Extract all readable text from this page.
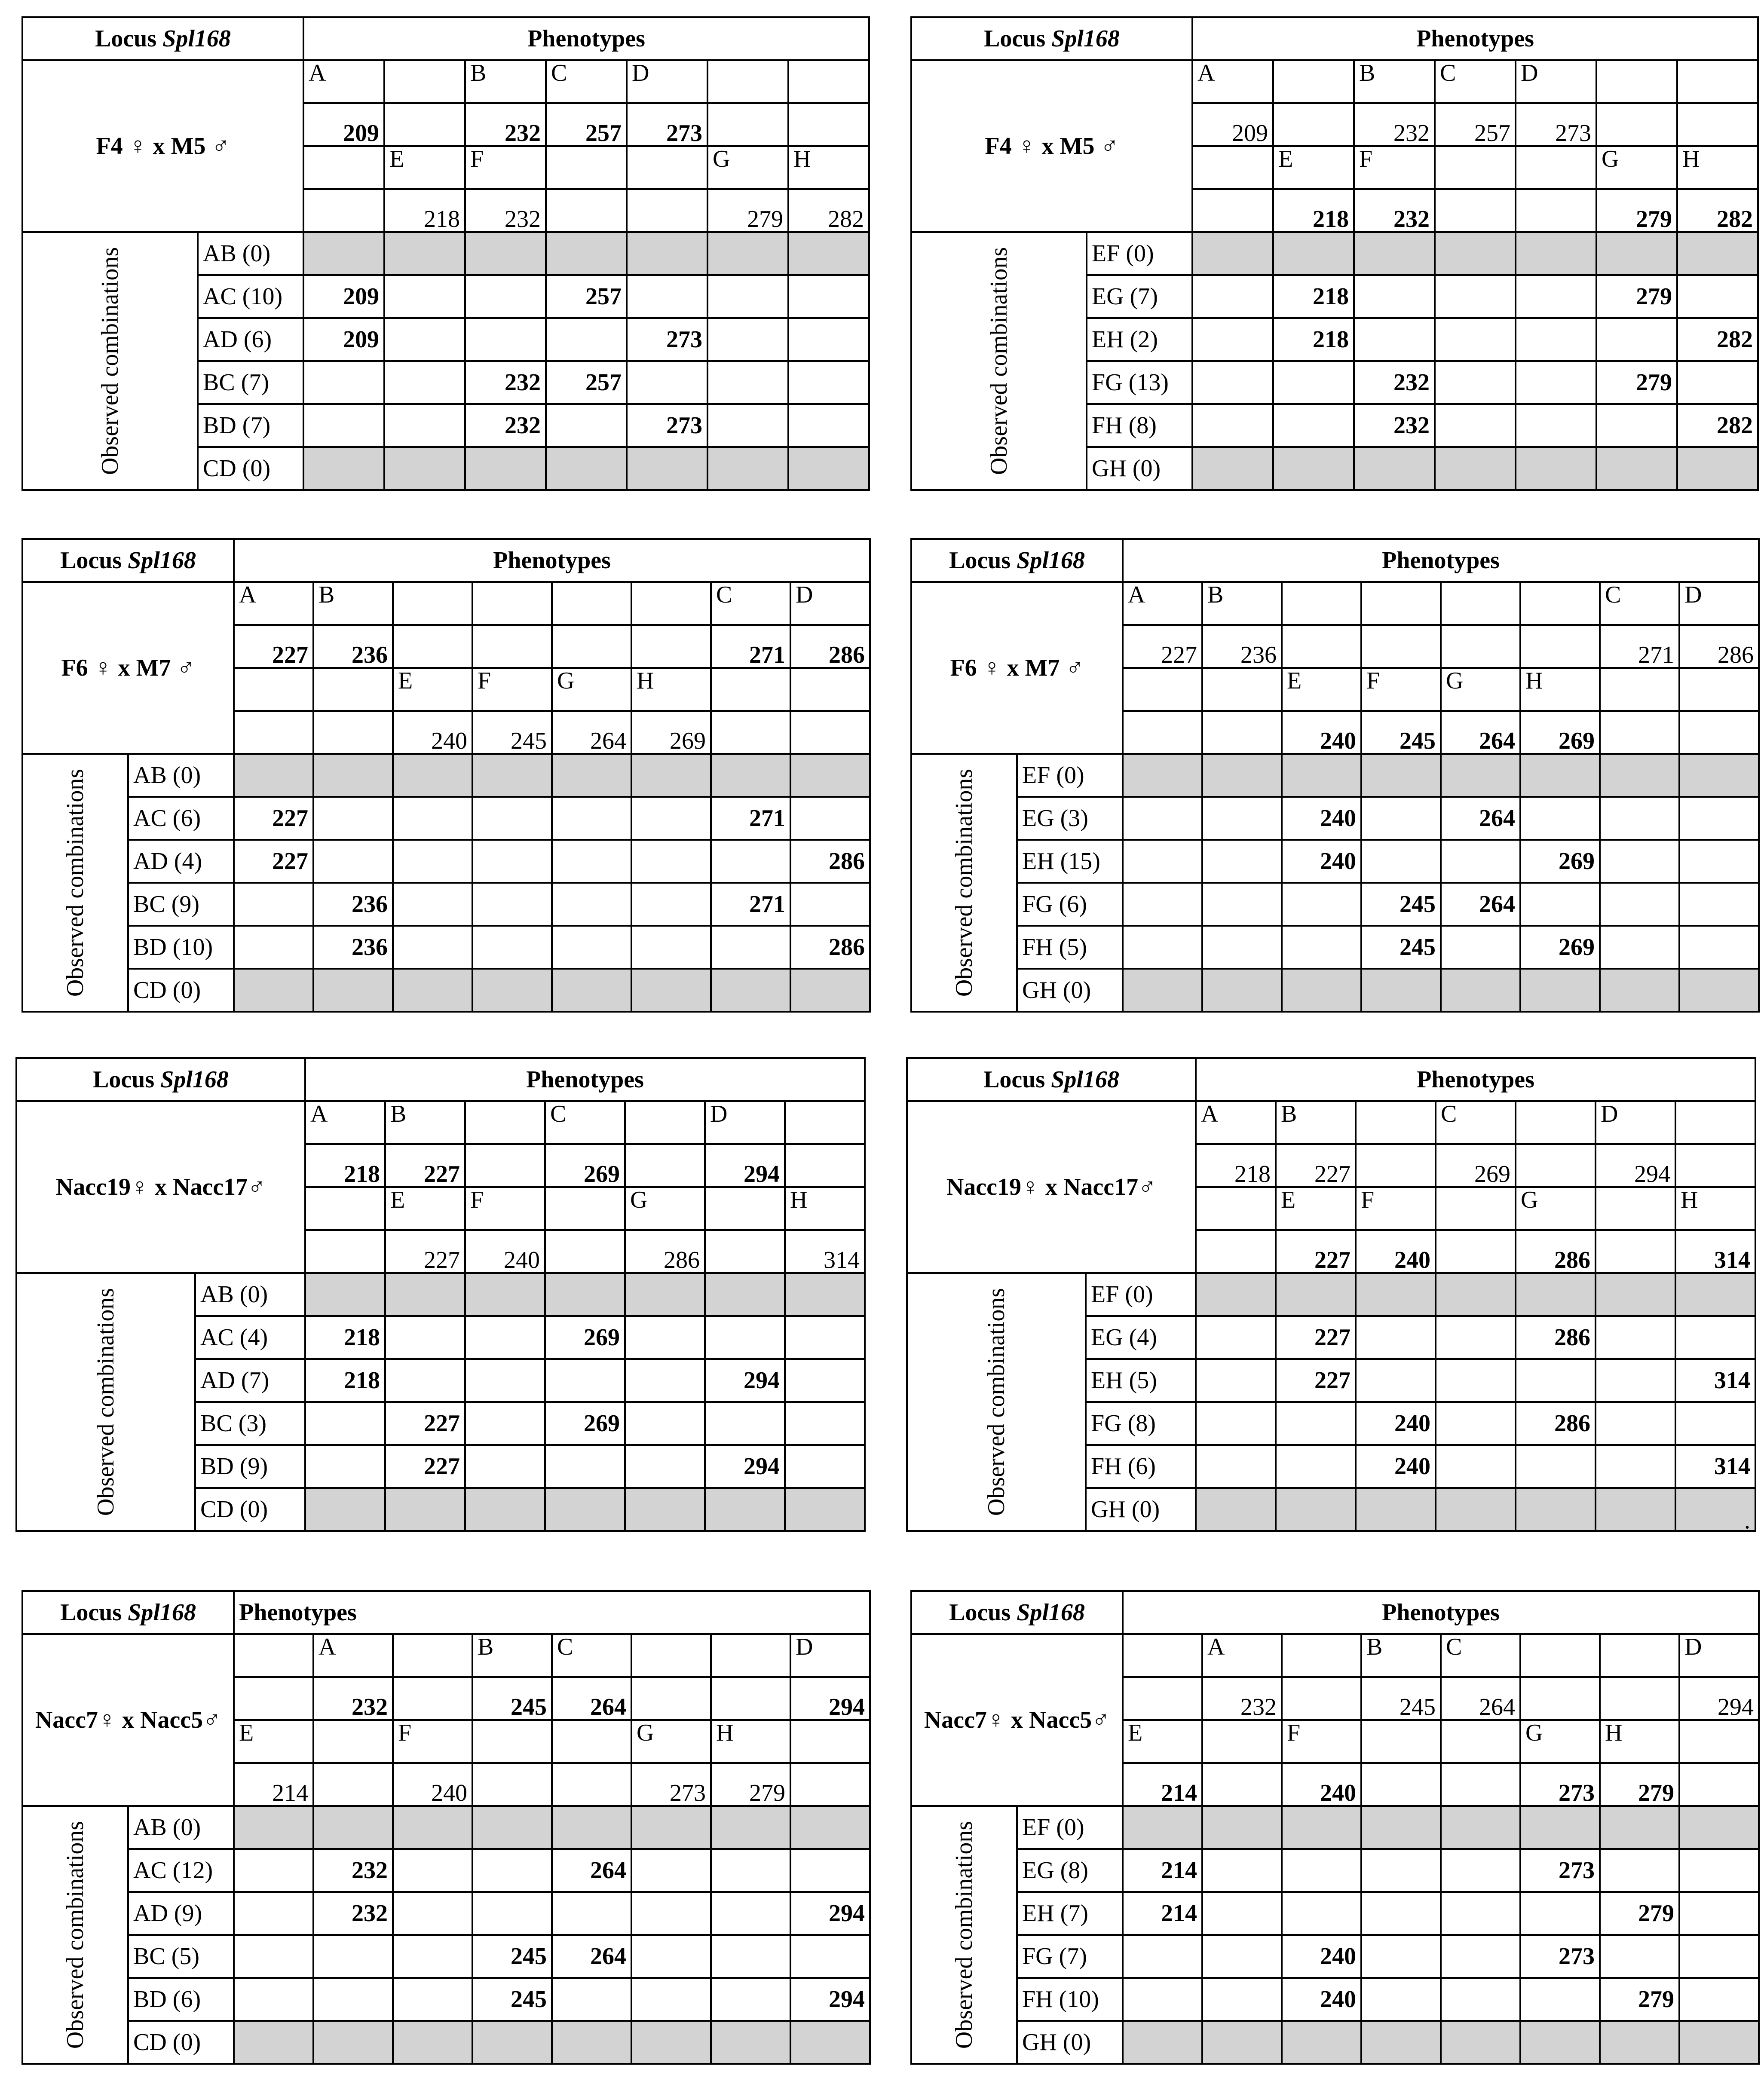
Locus Spl168		Phenotypes						
F4 ♀ x M5 ♂		A		B	C	D		
		209		232	257	273		
			E	F			G	H
			218	232			279	282

Observed combinations	AB (0)							
	AC (10)	209			257			
	AD (6)	209				273		
	BC (7)			232	257			
	BD (7)			232		273		
	CD (0)							
Locus Spl168		Phenotypes						
F4 ♀ x M5 ♂		A		B	C	D		
		209		232	257	273		
			E	F			G	H
			218	232			279	282

Observed combinations	EF (0)							
	EG (7)		218				279	
	EH (2)		218					282
	FG (13)			232			279	
	FH (8)			232				282
	GH (0)							
Locus Spl168		Phenotypes							
F6 ♀ x M7 ♂		A	B					C	D
		227	236					271	286
				E	F	G	H		
				240	245	264	269		

Observed combinations	AB (0)								
	AC (6)	227						271	
	AD (4)	227							286
	BC (9)		236					271	
	BD (10)		236						286
	CD (0)								
Locus Spl168		Phenotypes							
F6 ♀ x M7 ♂		A	B					C	D
		227	236					271	286
				E	F	G	H		
				240	245	264	269		

Observed combinations	EF (0)								
	EG (3)			240		264			
	EH (15)			240			269		
	FG (6)				245	264			
	FH (5)				245		269		
	GH (0)								
Locus Spl168		Phenotypes						
Nacc19♀ x Nacc17♂		A	B		C		D	
		218	227		269		294	
			E	F		G		H
			227	240		286		314

Observed combinations	AB (0)							
	AC (4)	218			269			
	AD (7)	218					294	
	BC (3)		227		269			
	BD (9)		227				294	
	CD (0)							
Locus Spl168		Phenotypes						
Nacc19♀ x Nacc17♂		A	B		C		D	
		218	227		269		294	
			E	F		G		H
			227	240		286		314

Observed combinations	EF (0)							
	EG (4)		227			286		
	EH (5)		227					314
	FG (8)			240		286		
	FH (6)			240				314
	GH (0)							
Locus Spl168		Phenotypes							
Nacc7♀ x Nacc5♂			A		B	C			D
			232		245	264			294
		E		F			G	H	
		214		240			273	279	

Observed combinations	AB (0)								
	AC (12)		232			264			
	AD (9)		232						294
	BC (5)				245	264			
	BD (6)				245				294
	CD (0)								
Locus Spl168		Phenotypes							
Nacc7♀ x Nacc5♂			A		B	C			D
			232		245	264			294
		E		F			G	H	
		214		240			273	279	

Observed combinations	EF (0)								
	EG (8)	214					273		
	EH (7)	214						279	
	FG (7)			240			273		
	FH (10)			240				279	
	GH (0)								
.
